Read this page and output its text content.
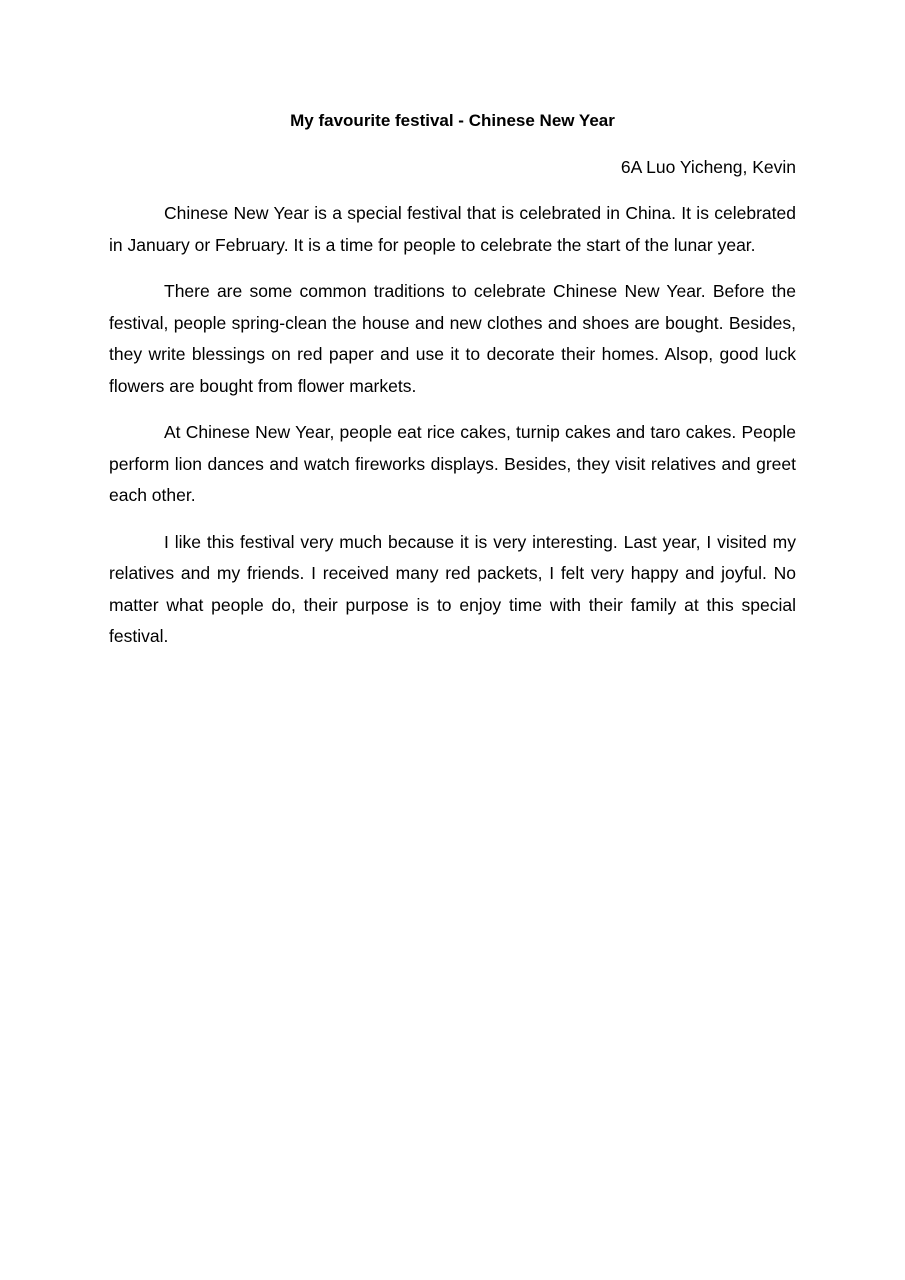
My favourite festival - Chinese New Year

6A Luo Yicheng, Kevin

Chinese New Year is a special festival that is celebrated in China. It is celebrated in January or February. It is a time for people to celebrate the start of the lunar year.

There are some common traditions to celebrate Chinese New Year. Before the festival, people spring-clean the house and new clothes and shoes are bought. Besides, they write blessings on red paper and use it to decorate their homes. Alsop, good luck flowers are bought from flower markets.

At Chinese New Year, people eat rice cakes, turnip cakes and taro cakes. People perform lion dances and watch fireworks displays. Besides, they visit relatives and greet each other.

I like this festival very much because it is very interesting. Last year, I visited my relatives and my friends. I received many red packets, I felt very happy and joyful. No matter what people do, their purpose is to enjoy time with their family at this special festival.
